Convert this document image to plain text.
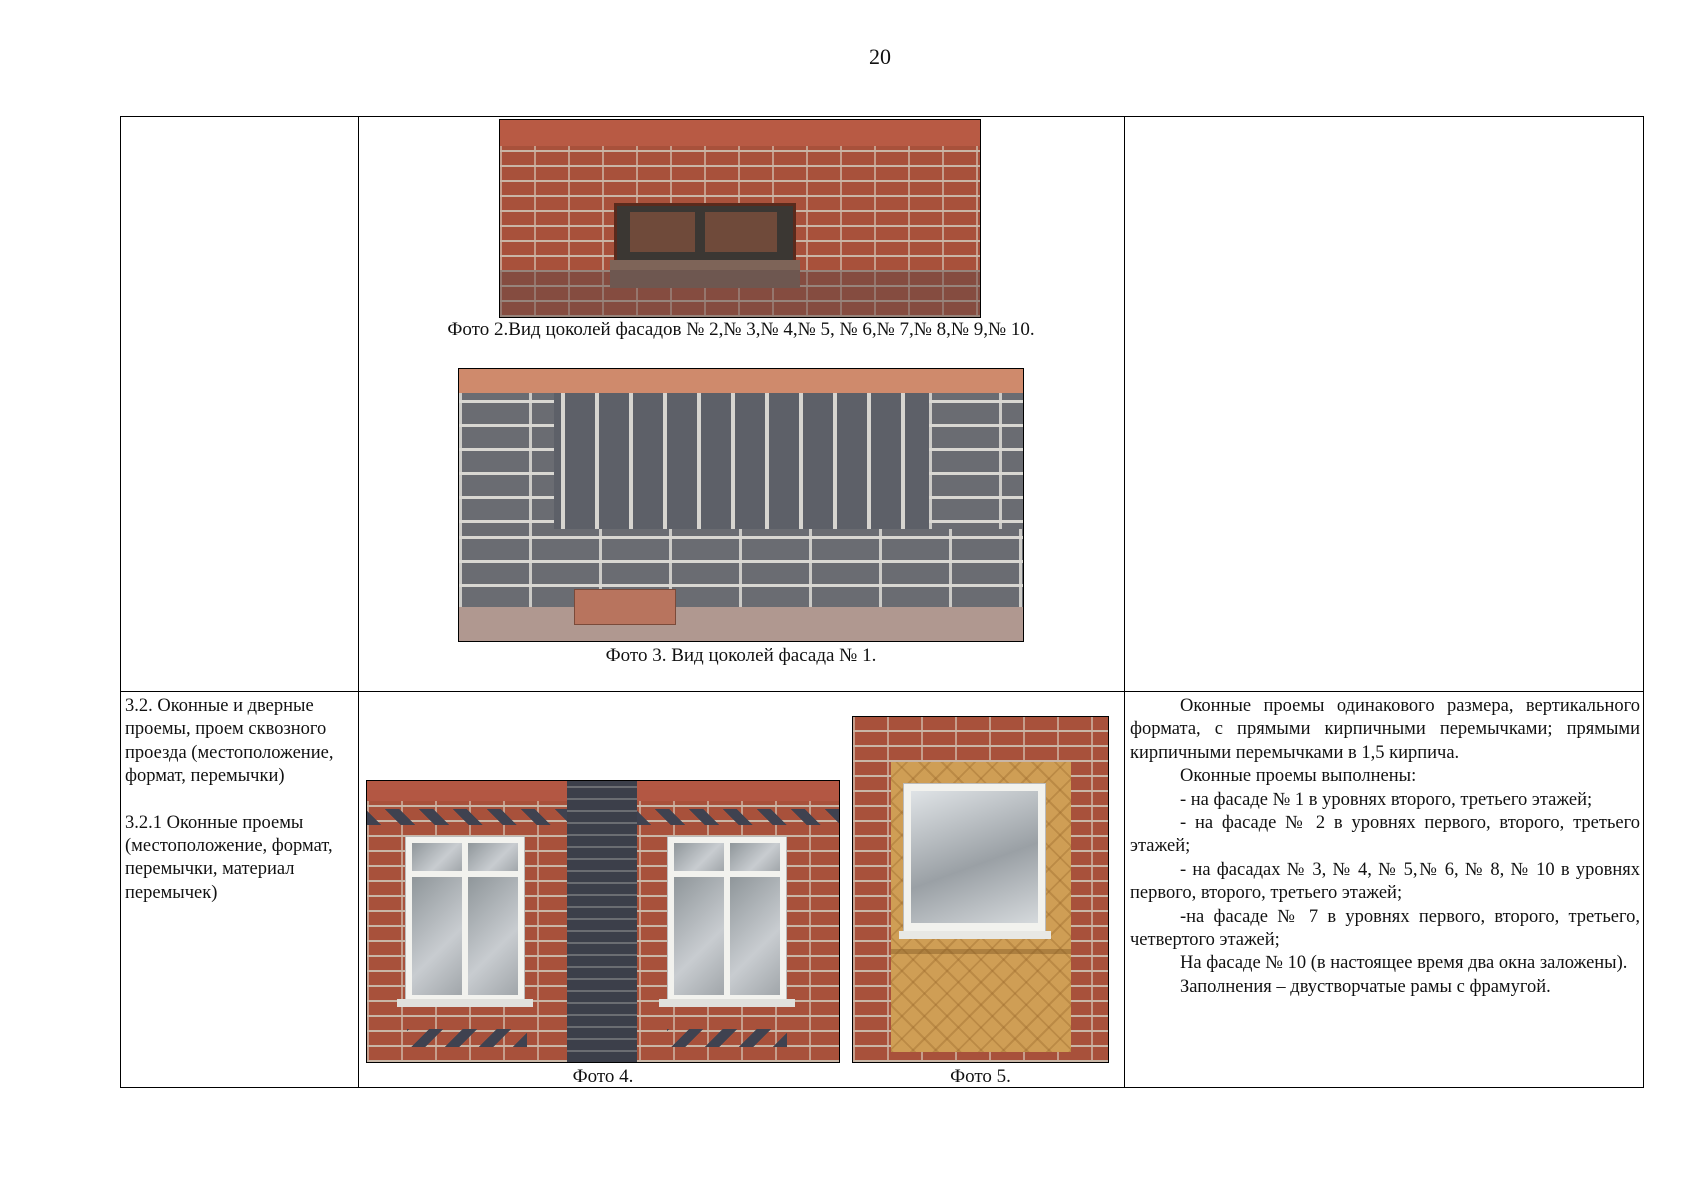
20
Фото 2.Вид цоколей фасадов № 2,№ 3,№ 4,№ 5, № 6,№ 7,№ 8,№ 9,№ 10.
Фото 3. Вид цоколей фасада № 1.

3.2. Оконные и дверные проемы, проем сквозного проезда (местоположение, формат, перемычки)

3.2.1 Оконные проемы (местоположение, формат, перемычки, материал перемычек)

Фото 4.	Фото 5.

Оконные проемы одинакового размера, вертикального формата, с прямыми кирпичными перемычками; прямыми кирпичными перемычками в 1,5 кирпича.

Оконные проемы выполнены:

- на фасаде № 1 в уровнях второго, третьего этажей;

- на фасаде № 2 в уровнях первого, второго, третьего этажей;

- на фасадах № 3, № 4, № 5,№ 6, № 8, № 10 в уровнях первого, второго, третьего этажей;

-на фасаде № 7 в уровнях первого, второго, третьего, четвертого этажей;

На фасаде № 10 (в настоящее время два окна заложены).

Заполнения – двустворчатые рамы с фрамугой.
